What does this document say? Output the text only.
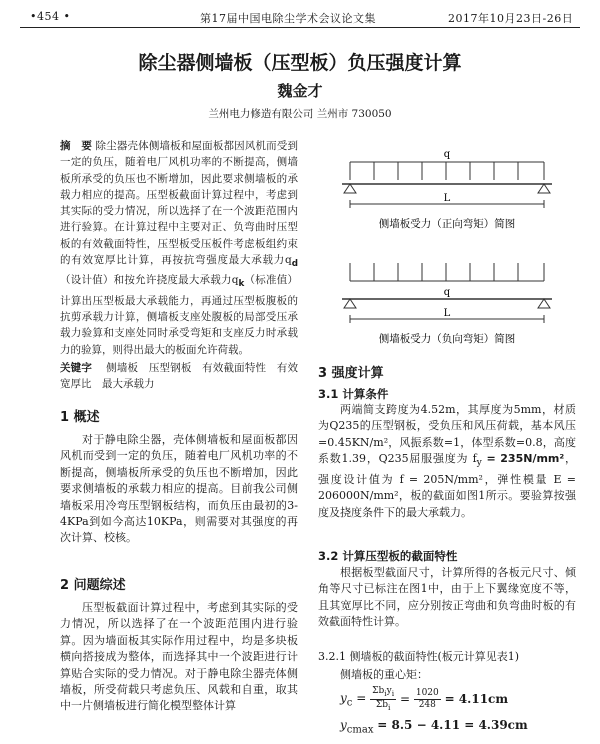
•454 •	第17届中国电除尘学术会议论文集	2017年10月23日-26日
除尘器侧墙板（压型板）负压强度计算
魏金才
兰州电力修造有限公司 兰州市 730050

摘　要 除尘器壳体侧墙板和屋面板都因风机而受到一定的负压，随着电厂风机功率的不断提高，侧墙板所承受的负压也不断增加，因此要求侧墙板的承载力相应的提高。压型板截面计算过程中，考虑到其实际的受力情况，所以选择了在一个波距范围内进行验算。在计算过程中主要对正、负弯曲时压型板的有效截面特性，压型板受压板件考虑板组约束的有效宽厚比计算，再按抗弯强度最大承载力$q_d$（设计值）和按允许挠度最大承载力$q_k$（标准值）计算出压型板最大承载能力，再通过压型板腹板的抗剪承载力计算，侧墙板支座处腹板的局部受压承载力验算和支座处同时承受弯矩和支座反力时承载力的验算，则得出最大的板面允许荷载。

关键字　 侧墙板　压型钢板　有效截面特性　有效宽厚比　最大承载力

1 概述

对于静电除尘器，壳体侧墙板和屋面板都因风机而受到一定的负压，随着电厂风机功率的不断提高，侧墙板所承受的负压也不断增加，因此要求侧墙板的承载力相应的提高。目前我公司侧墙板采用冷弯压型钢板结构，而负压由最初的3-4KPa到如今高达10KPa，则需要对其强度的再次计算、校核。

2 问题综述

压型板截面计算过程中，考虑到其实际的受力情况，所以选择了在一个波距范围内进行验算。因为墙面板其实际作用过程中，均是多块板横向搭接成为整体，而选择其中一个波距进行计算贴合实际的受力情况。对于静电除尘器壳体侧墙板，所受荷载只考虑负压、风载和自重，取其中一片侧墙板进行简化模型整体计算

q
L
侧墙板受力（正向弯矩）简图
q
L
侧墙板受力（负向弯矩）简图
3 强度计算
3.1 计算条件

两端简支跨度为4.52m，其厚度为5mm，材质为Q235的压型钢板，受负压和风压荷载，基本风压=0.45KN/m²，风振系数=1，体型系数=0.8，高度系数1.39，Q235屈服强度为 $f_y = 235N/mm^2$，强度设计值为 f = 205N/mm²，弹性模量 E = 206000N/mm²，板的截面如图1所示。要验算按强度及挠度条件下的最大承载力。

3.2 计算压型板的截面特性

根据板型截面尺寸，计算所得的各板元尺寸、倾角等尺寸已标注在图1中，由于上下翼缘宽度不等，且其宽厚比不同，应分别按正弯曲和负弯曲时板的有效截面特性计算。

3.2.1 侧墙板的截面特性(板元计算见表1)
侧墙板的重心矩：
$y_c = \Sigma b_iy_i$
$\Sigma b_i$
= $\frac{1020}{248} = 4.11cm$
$y_{cmax} = 8.5 - 4.11 = 4.39cm$
